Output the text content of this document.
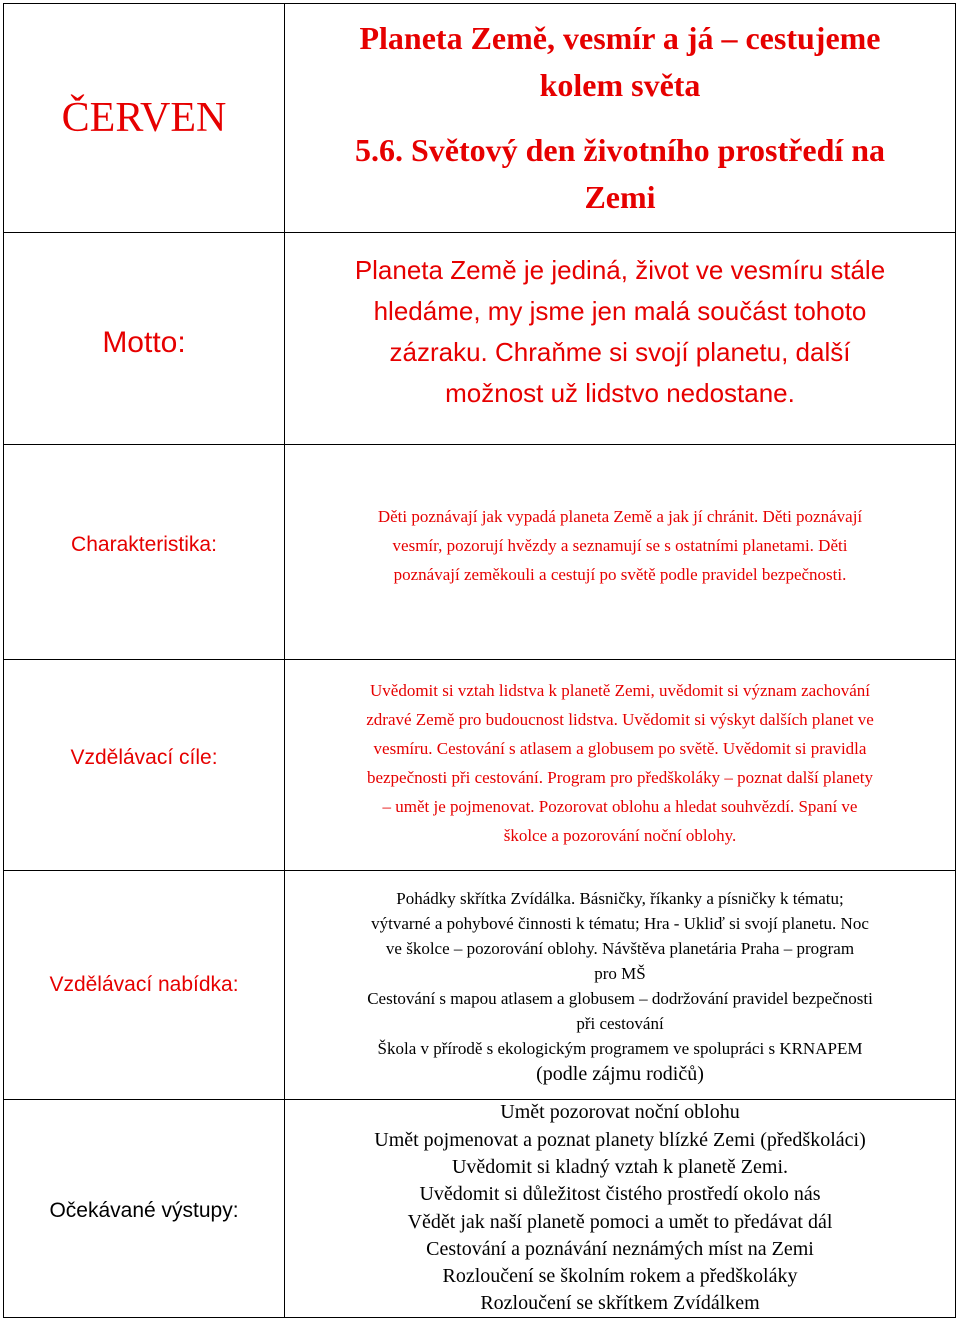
ČERVEN
Planeta Země, vesmír a já – cestujeme
kolem světa
5.6. Světový den životního prostředí na
Zemi
Motto:
Planeta Země je jediná, život ve vesmíru stále
hledáme, my jsme jen malá součást tohoto
zázraku. Chraňme si svojí planetu, další
možnost už lidstvo nedostane.
Charakteristika:
Děti poznávají jak vypadá planeta Země a jak jí chránit. Děti poznávají
vesmír, pozorují hvězdy a seznamují se s ostatními planetami. Děti
poznávají zeměkouli a cestují po světě podle pravidel bezpečnosti.
Vzdělávací cíle:
Uvědomit si vztah lidstva k planetě Zemi, uvědomit si význam zachování
zdravé Země pro budoucnost lidstva. Uvědomit si výskyt dalších planet ve
vesmíru. Cestování s atlasem a globusem po světě. Uvědomit si pravidla
bezpečnosti při cestování. Program pro předškoláky – poznat další planety
– umět je pojmenovat. Pozorovat oblohu a hledat souhvězdí. Spaní ve
školce a pozorování noční oblohy.
Vzdělávací nabídka:
Pohádky skřítka Zvídálka. Básničky, říkanky a písničky k tématu;
výtvarné a pohybové činnosti k tématu; Hra - Ukliď si svojí planetu. Noc
ve školce – pozorování oblohy. Návštěva planetária Praha – program
pro MŠ
Cestování s mapou atlasem a globusem – dodržování pravidel bezpečnosti
při cestování
Škola v přírodě s ekologickým programem ve spolupráci s KRNAPEM
(podle zájmu rodičů)
Očekávané výstupy:
Umět pozorovat noční oblohu
Umět pojmenovat a poznat planety blízké Zemi (předškoláci)
Uvědomit si kladný vztah k planetě Zemi.
Uvědomit si důležitost čistého prostředí okolo nás
Vědět jak naší planetě pomoci a umět to předávat dál
Cestování a poznávání neznámých míst na Zemi
Rozloučení se školním rokem a předškoláky
Rozloučení se skřítkem Zvídálkem
